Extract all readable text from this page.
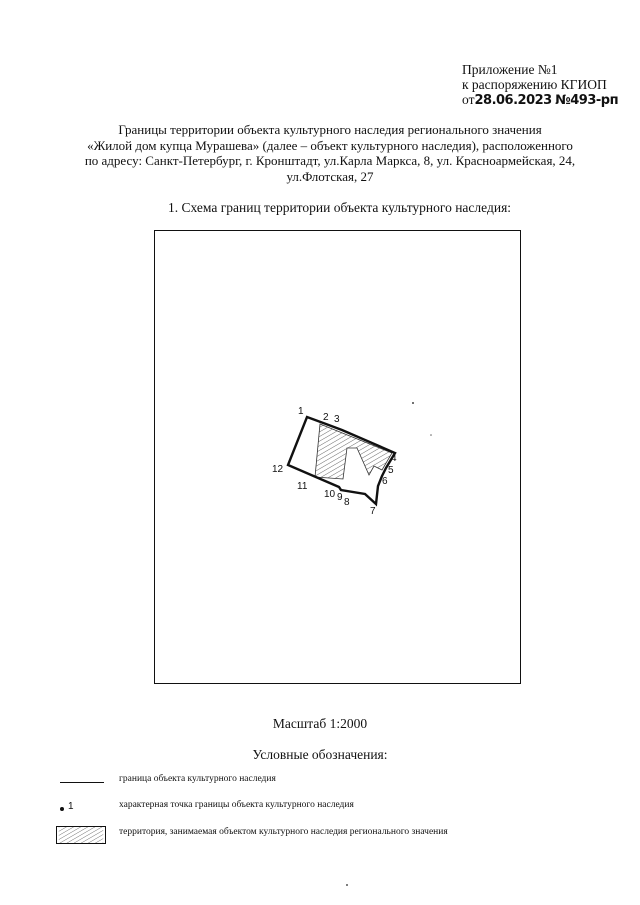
Приложение №1
к распоряжению КГИОП
от28.06.2023 №493-рп
Границы территории объекта культурного наследия регионального значения
«Жилой дом купца Мурашева» (далее – объект культурного наследия), расположенного
по адресу: Санкт-Петербург, г. Кронштадт, ул.Карла Маркса, 8, ул. Красноармейская, 24,
ул.Флотская, 27
1. Схема границ территории объекта культурного наследия:
1
2 3
4
5
6
7
8
9
10
11
12
Масштаб 1:2000
Условные обозначения:
граница объекта культурного наследия
1	характерная точка границы объекта культурного наследия
территория, занимаемая объектом культурного наследия регионального значения
